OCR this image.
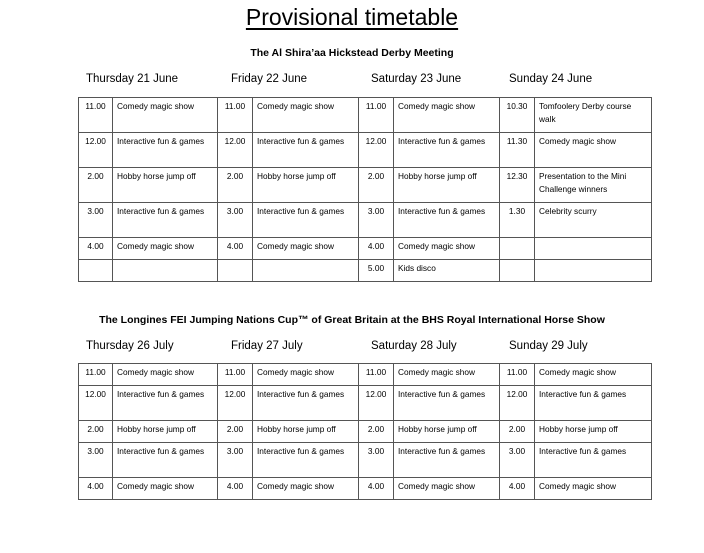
Provisional timetable
The Al Shira’aa Hickstead Derby Meeting
Thursday 21 June	Friday 22 June	Saturday 23 June	Sunday 24 June
11.00	Comedy magic show	11.00	Comedy magic show	11.00	Comedy magic show	10.30	Tomfoolery Derby course walk
12.00	Interactive fun & games	12.00	Interactive fun & games	12.00	Interactive fun & games	11.30	Comedy magic show
2.00	Hobby horse jump off	2.00	Hobby horse jump off	2.00	Hobby horse jump off	12.30	Presentation to the Mini Challenge winners
3.00	Interactive fun & games	3.00	Interactive fun & games	3.00	Interactive fun & games	1.30	Celebrity scurry
4.00	Comedy magic show	4.00	Comedy magic show	4.00	Comedy magic show		
				5.00	Kids disco		
The Longines FEI Jumping Nations Cup™ of Great Britain at the BHS Royal International Horse Show
Thursday 26 July	Friday 27 July	Saturday 28 July	Sunday 29 July
11.00	Comedy magic show	11.00	Comedy magic show	11.00	Comedy magic show	11.00	Comedy magic show
12.00	Interactive fun & games	12.00	Interactive fun & games	12.00	Interactive fun & games	12.00	Interactive fun & games
2.00	Hobby horse jump off	2.00	Hobby horse jump off	2.00	Hobby horse jump off	2.00	Hobby horse jump off
3.00	Interactive fun & games	3.00	Interactive fun & games	3.00	Interactive fun & games	3.00	Interactive fun & games
4.00	Comedy magic show	4.00	Comedy magic show	4.00	Comedy magic show	4.00	Comedy magic show
